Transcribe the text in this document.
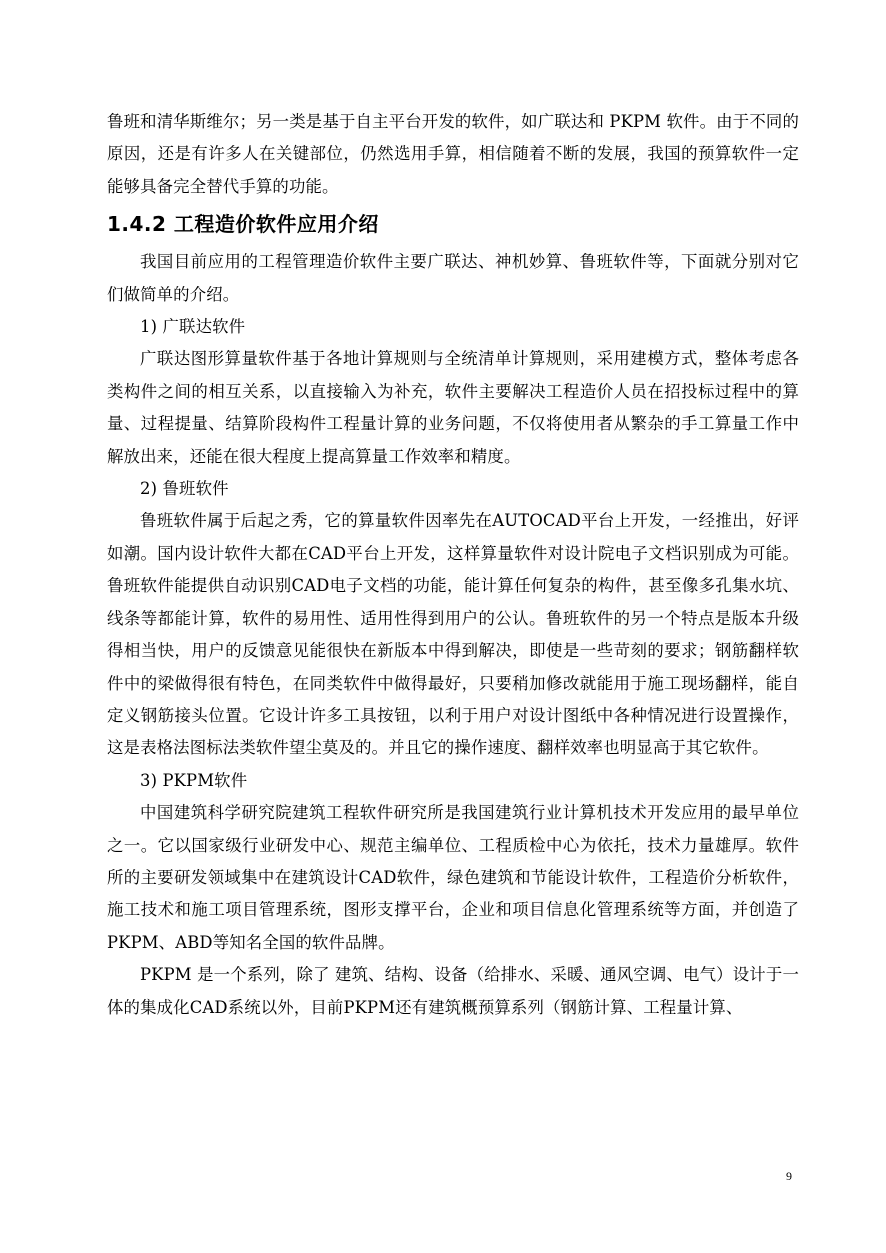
鲁班和清华斯维尔；另一类是基于自主平台开发的软件，如广联达和 PKPM 软件。由于不同的原因，还是有许多人在关键部位，仍然选用手算，相信随着不断的发展，我国的预算软件一定能够具备完全替代手算的功能。

1.4.2 工程造价软件应用介绍

我国目前应用的工程管理造价软件主要广联达、神机妙算、鲁班软件等，下面就分别对它们做简单的介绍。

1) 广联达软件

广联达图形算量软件基于各地计算规则与全统清单计算规则，采用建模方式，整体考虑各类构件之间的相互关系，以直接输入为补充，软件主要解决工程造价人员在招投标过程中的算量、过程提量、结算阶段构件工程量计算的业务问题，不仅将使用者从繁杂的手工算量工作中解放出来，还能在很大程度上提高算量工作效率和精度。

2) 鲁班软件

鲁班软件属于后起之秀，它的算量软件因率先在AUTOCAD平台上开发，一经推出，好评如潮。国内设计软件大都在CAD平台上开发，这样算量软件对设计院电子文档识别成为可能。鲁班软件能提供自动识别CAD电子文档的功能，能计算任何复杂的构件，甚至像多孔集水坑、线条等都能计算，软件的易用性、适用性得到用户的公认。鲁班软件的另一个特点是版本升级得相当快，用户的反馈意见能很快在新版本中得到解决，即使是一些苛刻的要求；钢筋翻样软件中的梁做得很有特色，在同类软件中做得最好，只要稍加修改就能用于施工现场翻样，能自定义钢筋接头位置。它设计许多工具按钮，以利于用户对设计图纸中各种情况进行设置操作，这是表格法图标法类软件望尘莫及的。并且它的操作速度、翻样效率也明显高于其它软件。

3) PKPM软件

中国建筑科学研究院建筑工程软件研究所是我国建筑行业计算机技术开发应用的最早单位之一。它以国家级行业研发中心、规范主编单位、工程质检中心为依托，技术力量雄厚。软件所的主要研发领域集中在建筑设计CAD软件，绿色建筑和节能设计软件，工程造价分析软件，施工技术和施工项目管理系统，图形支撑平台，企业和项目信息化管理系统等方面，并创造了PKPM、ABD等知名全国的软件品牌。

PKPM 是一个系列，除了 建筑、结构、设备（给排水、采暖、通风空调、电气）设计于一体的集成化CAD系统以外，目前PKPM还有建筑概预算系列（钢筋计算、工程量计算、

9
